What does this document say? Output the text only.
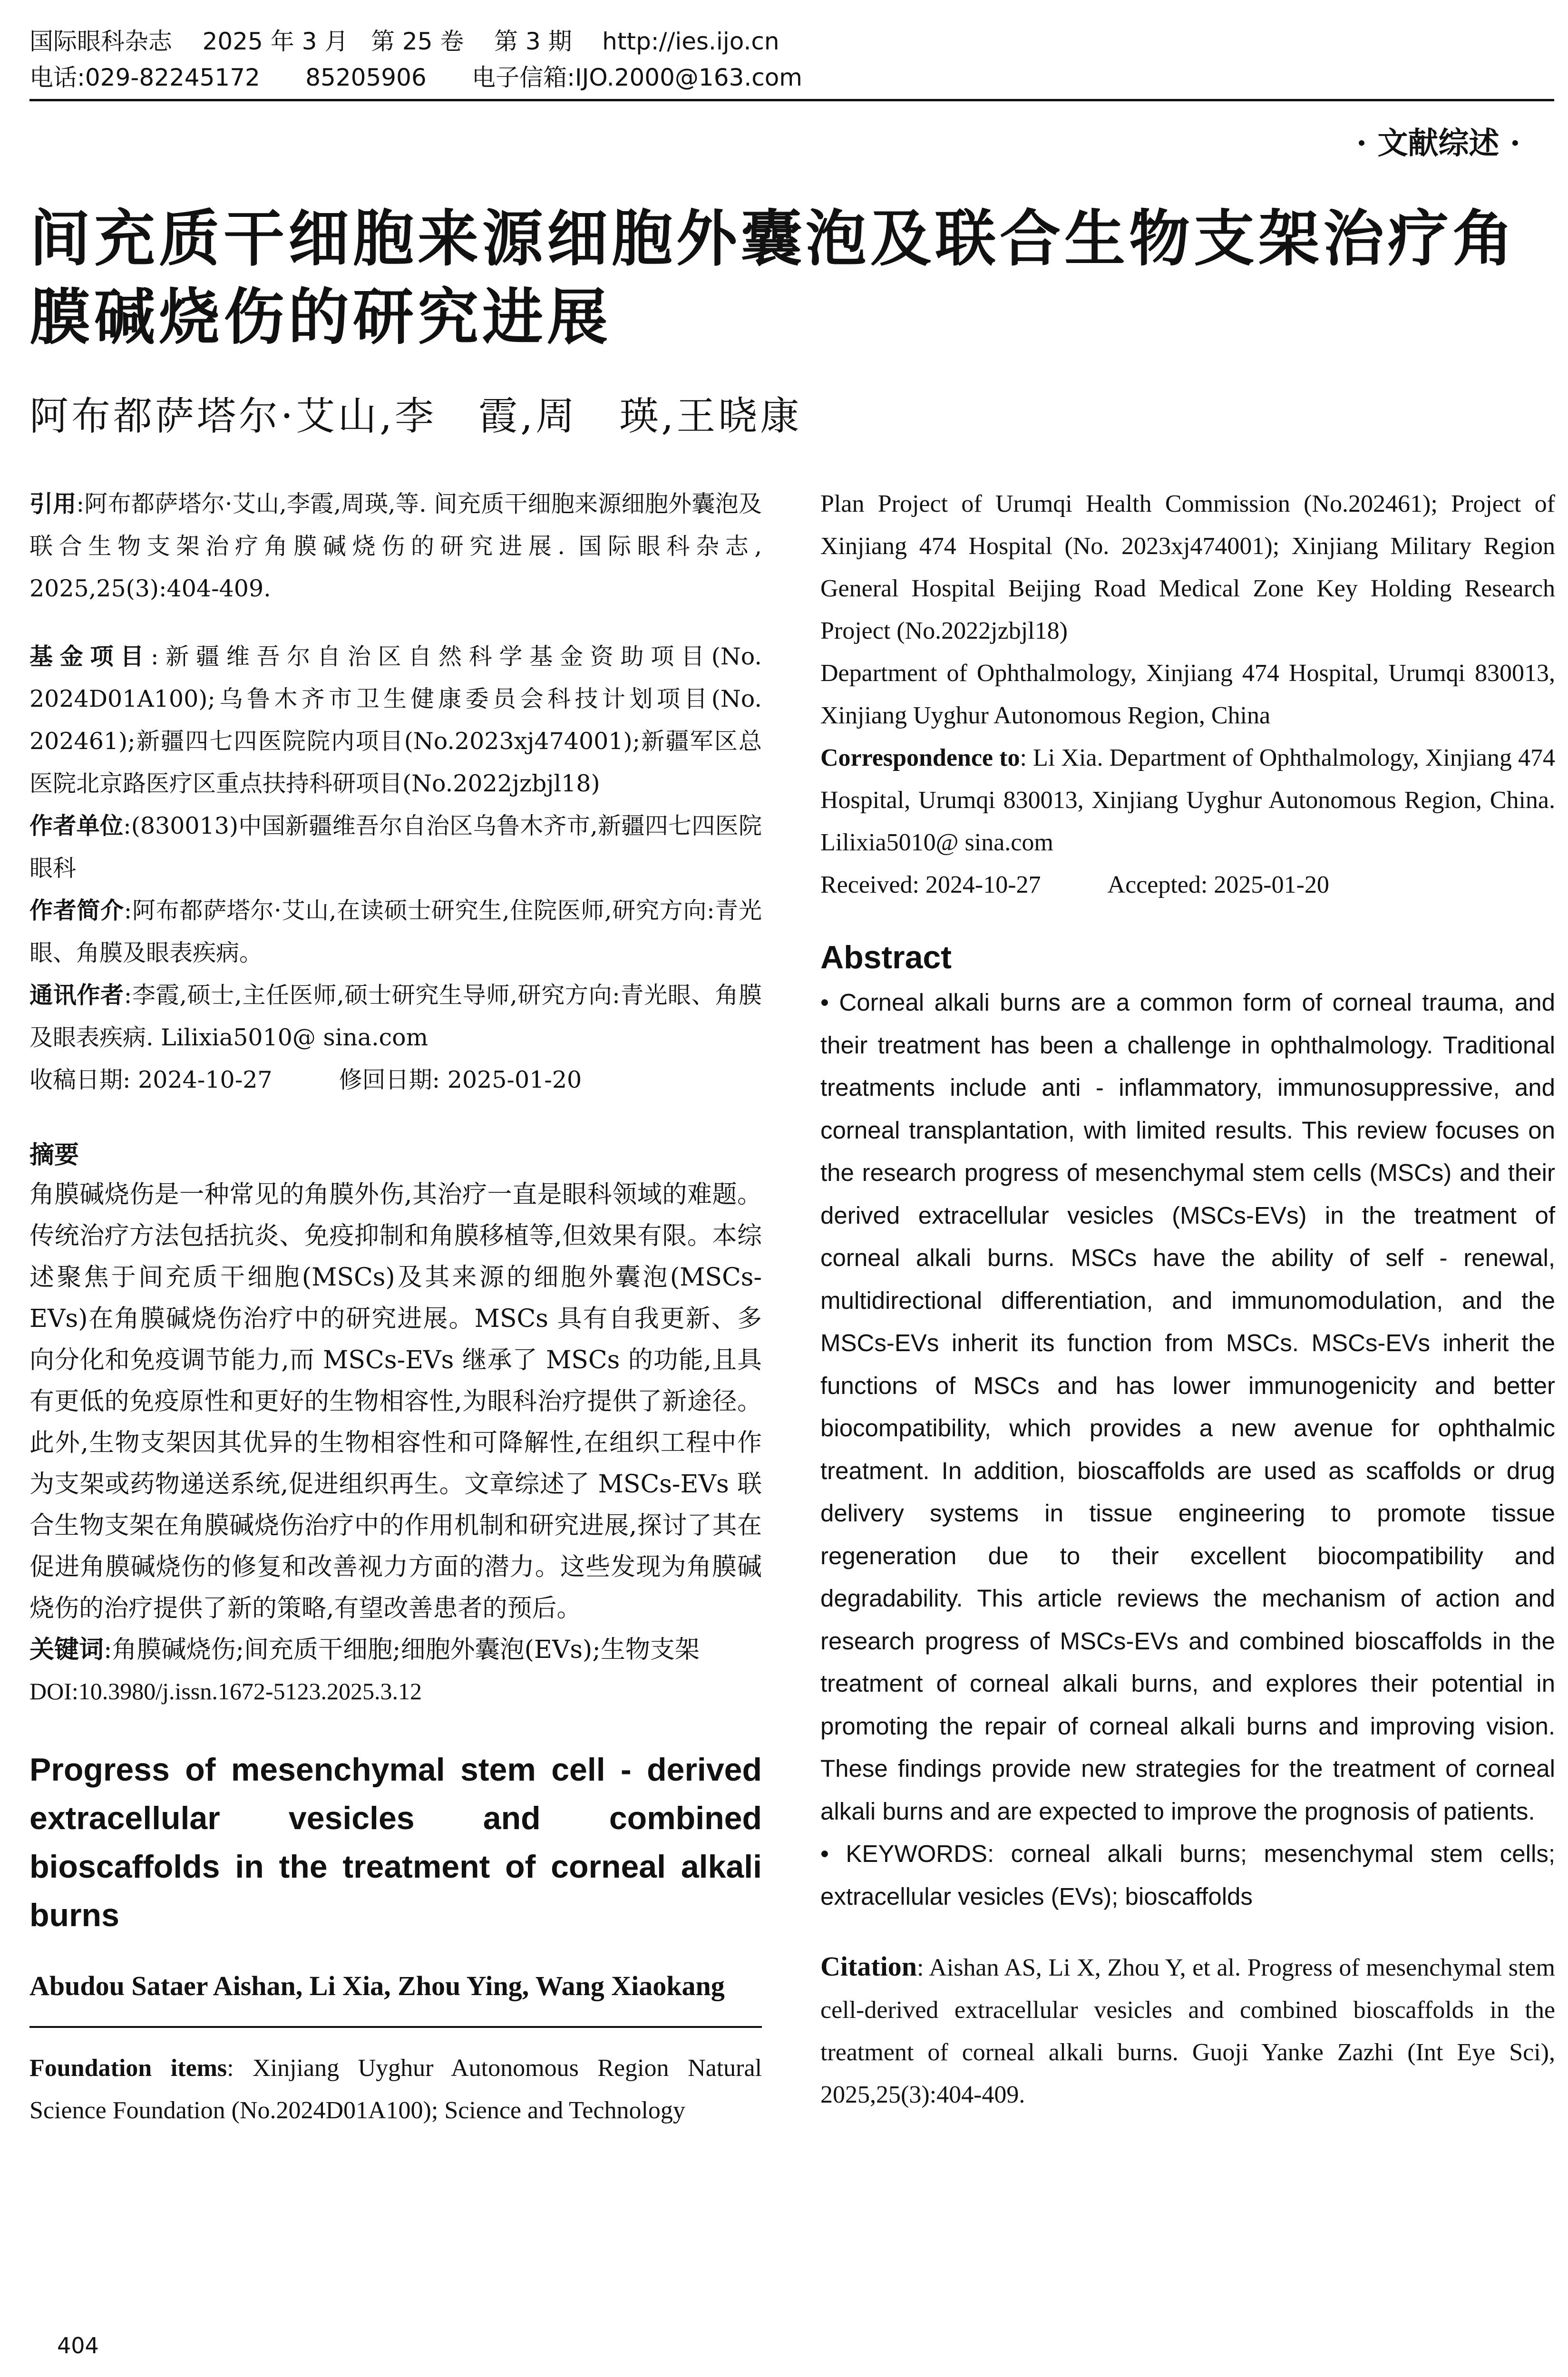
国际眼科杂志 2025 年 3 月   第 25 卷    第 3 期 http://ies.ijo.cn
电话:029-82245172 85205906 电子信箱:IJO.2000@163.com
· 文献综述 ·
间充质干细胞来源细胞外囊泡及联合生物支架治疗角膜碱烧伤的研究进展
阿布都萨塔尔·艾山,李　霞,周　瑛,王晓康

引用:阿布都萨塔尔·艾山,李霞,周瑛,等. 间充质干细胞来源细胞外囊泡及联合生物支架治疗角膜碱烧伤的研究进展. 国际眼科杂志, 2025,25(3):404-409.

基金项目:新疆维吾尔自治区自然科学基金资助项目(No. 2024D01A100);乌鲁木齐市卫生健康委员会科技计划项目(No. 202461);新疆四七四医院院内项目(No.2023xj474001);新疆军区总医院北京路医疗区重点扶持科研项目(No.2022jzbjl18)

作者单位:(830013)中国新疆维吾尔自治区乌鲁木齐市,新疆四七四医院眼科

作者简介:阿布都萨塔尔·艾山,在读硕士研究生,住院医师,研究方向:青光眼、角膜及眼表疾病。

通讯作者:李霞,硕士,主任医师,硕士研究生导师,研究方向:青光眼、角膜及眼表疾病. Lilixia5010@ sina.com

收稿日期: 2024-10-27	修回日期: 2025-01-20

摘要

角膜碱烧伤是一种常见的角膜外伤,其治疗一直是眼科领域的难题。传统治疗方法包括抗炎、免疫抑制和角膜移植等,但效果有限。本综述聚焦于间充质干细胞(MSCs)及其来源的细胞外囊泡(MSCs-EVs)在角膜碱烧伤治疗中的研究进展。MSCs 具有自我更新、多向分化和免疫调节能力,而 MSCs-EVs 继承了 MSCs 的功能,且具有更低的免疫原性和更好的生物相容性,为眼科治疗提供了新途径。此外,生物支架因其优异的生物相容性和可降解性,在组织工程中作为支架或药物递送系统,促进组织再生。文章综述了 MSCs-EVs 联合生物支架在角膜碱烧伤治疗中的作用机制和研究进展,探讨了其在促进角膜碱烧伤的修复和改善视力方面的潜力。这些发现为角膜碱烧伤的治疗提供了新的策略,有望改善患者的预后。

关键词:角膜碱烧伤;间充质干细胞;细胞外囊泡(EVs);生物支架

DOI:10.3980/j.issn.1672-5123.2025.3.12

Progress of mesenchymal stem cell - derived extracellular vesicles and combined bioscaffolds in the treatment of corneal alkali burns

Abudou Sataer Aishan, Li Xia, Zhou Ying, Wang Xiaokang

Foundation items: Xinjiang Uyghur Autonomous Region Natural Science Foundation (No.2024D01A100); Science and Technology

Plan Project of Urumqi Health Commission (No.202461); Project of Xinjiang 474 Hospital (No. 2023xj474001); Xinjiang Military Region General Hospital Beijing Road Medical Zone Key Holding Research Project (No.2022jzbjl18)

Department of Ophthalmology, Xinjiang 474 Hospital, Urumqi 830013, Xinjiang Uyghur Autonomous Region, China

Correspondence to: Li Xia. Department of Ophthalmology, Xinjiang 474 Hospital, Urumqi 830013, Xinjiang Uyghur Autonomous Region, China. Lilixia5010@ sina.com

Received: 2024-10-27	Accepted: 2025-01-20

Abstract

• Corneal alkali burns are a common form of corneal trauma, and their treatment has been a challenge in ophthalmology. Traditional treatments include anti - inflammatory, immunosuppressive, and corneal transplantation, with limited results. This review focuses on the research progress of mesenchymal stem cells (MSCs) and their derived extracellular vesicles (MSCs-EVs) in the treatment of corneal alkali burns. MSCs have the ability of self - renewal, multidirectional differentiation, and immunomodulation, and the MSCs-EVs inherit its function from MSCs. MSCs-EVs inherit the functions of MSCs and has lower immunogenicity and better biocompatibility, which provides a new avenue for ophthalmic treatment. In addition, bioscaffolds are used as scaffolds or drug delivery systems in tissue engineering to promote tissue regeneration due to their excellent biocompatibility and degradability. This article reviews the mechanism of action and research progress of MSCs-EVs and combined bioscaffolds in the treatment of corneal alkali burns, and explores their potential in promoting the repair of corneal alkali burns and improving vision. These findings provide new strategies for the treatment of corneal alkali burns and are expected to improve the prognosis of patients.

• KEYWORDS: corneal alkali burns; mesenchymal stem cells; extracellular vesicles (EVs); bioscaffolds

Citation: Aishan AS, Li X, Zhou Y, et al. Progress of mesenchymal stem cell-derived extracellular vesicles and combined bioscaffolds in the treatment of corneal alkali burns. Guoji Yanke Zazhi (Int Eye Sci), 2025,25(3):404-409.

404
